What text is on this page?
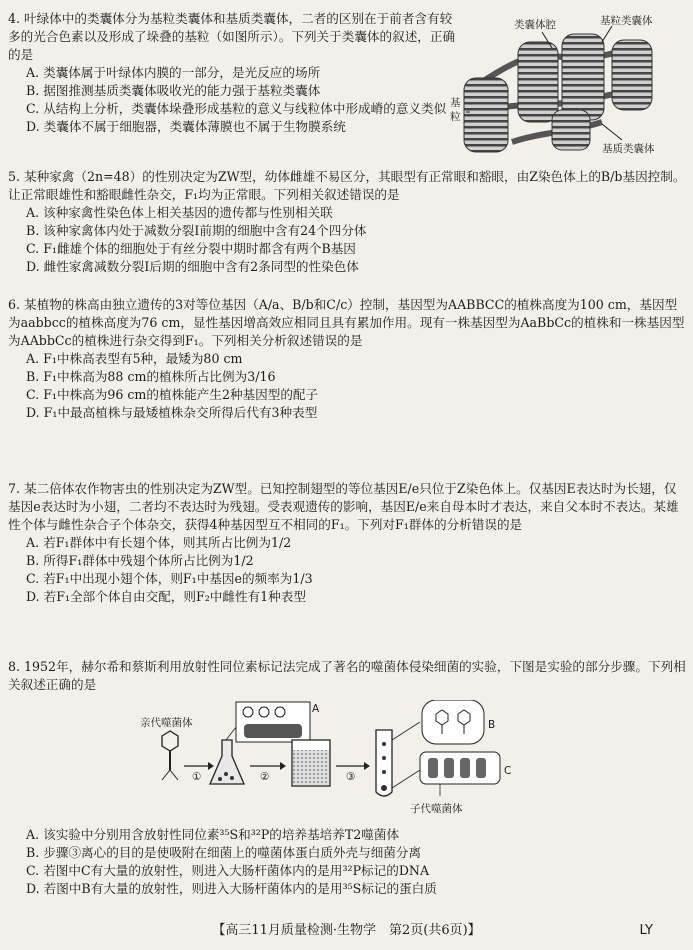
4. 叶绿体中的类囊体分为基粒类囊体和基质类囊体，二者的区别在于前者含有较多的光合色素以及形成了垛叠的基粒（如图所示）。下列关于类囊体的叙述，正确的是

A. 类囊体属于叶绿体内膜的一部分，是光反应的场所

B. 据图推测基质类囊体吸收光的能力强于基粒类囊体

C. 从结构上分析，类囊体垛叠形成基粒的意义与线粒体中形成嵴的意义类似

D. 类囊体不属于细胞器，类囊体薄膜也不属于生物膜系统

类囊体腔	基粒类囊体
基粒
基质类囊体

5. 某种家禽（2n=48）的性别决定为ZW型，幼体雌雄不易区分，其眼型有正常眼和豁眼，由Z染色体上的B/b基因控制。让正常眼雄性和豁眼雌性杂交，F₁均为正常眼。下列相关叙述错误的是

A. 该种家禽性染色体上相关基因的遗传都与性别相关联

B. 该种家禽体内处于减数分裂Ⅰ前期的细胞中含有24个四分体

C. F₁雌雄个体的细胞处于有丝分裂中期时都含有两个B基因

D. 雌性家禽减数分裂Ⅰ后期的细胞中含有2条同型的性染色体

6. 某植物的株高由独立遗传的3对等位基因（A/a、B/b和C/c）控制，基因型为AABBCC的植株高度为100 cm，基因型为aabbcc的植株高度为76 cm，显性基因增高效应相同且具有累加作用。现有一株基因型为AaBbCc的植株和一株基因型为AAbbCc的植株进行杂交得到F₁。下列相关分析叙述错误的是

A. F₁中株高表型有5种，最矮为80 cm

B. F₁中株高为88 cm的植株所占比例为3/16

C. F₁中株高为96 cm的植株能产生2种基因型的配子

D. F₁中最高植株与最矮植株杂交所得后代有3种表型

7. 某二倍体农作物害虫的性别决定为ZW型。已知控制翅型的等位基因E/e只位于Z染色体上。仅基因E表达时为长翅，仅基因e表达时为小翅，二者均不表达时为残翅。受表观遗传的影响，基因E/e来自母本时才表达，来自父本时不表达。某雄性个体与雌性杂合子个体杂交，获得4种基因型互不相同的F₁。下列对F₁群体的分析错误的是

A. 若F₁群体中有长翅个体，则其所占比例为1/2

B. 所得F₁群体中残翅个体所占比例为1/2

C. 若F₁中出现小翅个体，则F₁中基因e的频率为1/3

D. 若F₁全部个体自由交配，则F₂中雌性有1种表型

8. 1952年，赫尔希和蔡斯利用放射性同位素标记法完成了著名的噬菌体侵染细菌的实验，下图是实验的部分步骤。下列相关叙述正确的是

亲代噬菌体
①	②	③
A
B
C
子代噬菌体

A. 该实验中分别用含放射性同位素³⁵S和³²P的培养基培养T2噬菌体

B. 步骤③离心的目的是使吸附在细菌上的噬菌体蛋白质外壳与细菌分离

C. 若图中C有大量的放射性，则进入大肠杆菌体内的是用³²P标记的DNA

D. 若图中B有大量的放射性，则进入大肠杆菌体内的是用³⁵S标记的蛋白质

【高三11月质量检测·生物学　第2页(共6页)】	LY
